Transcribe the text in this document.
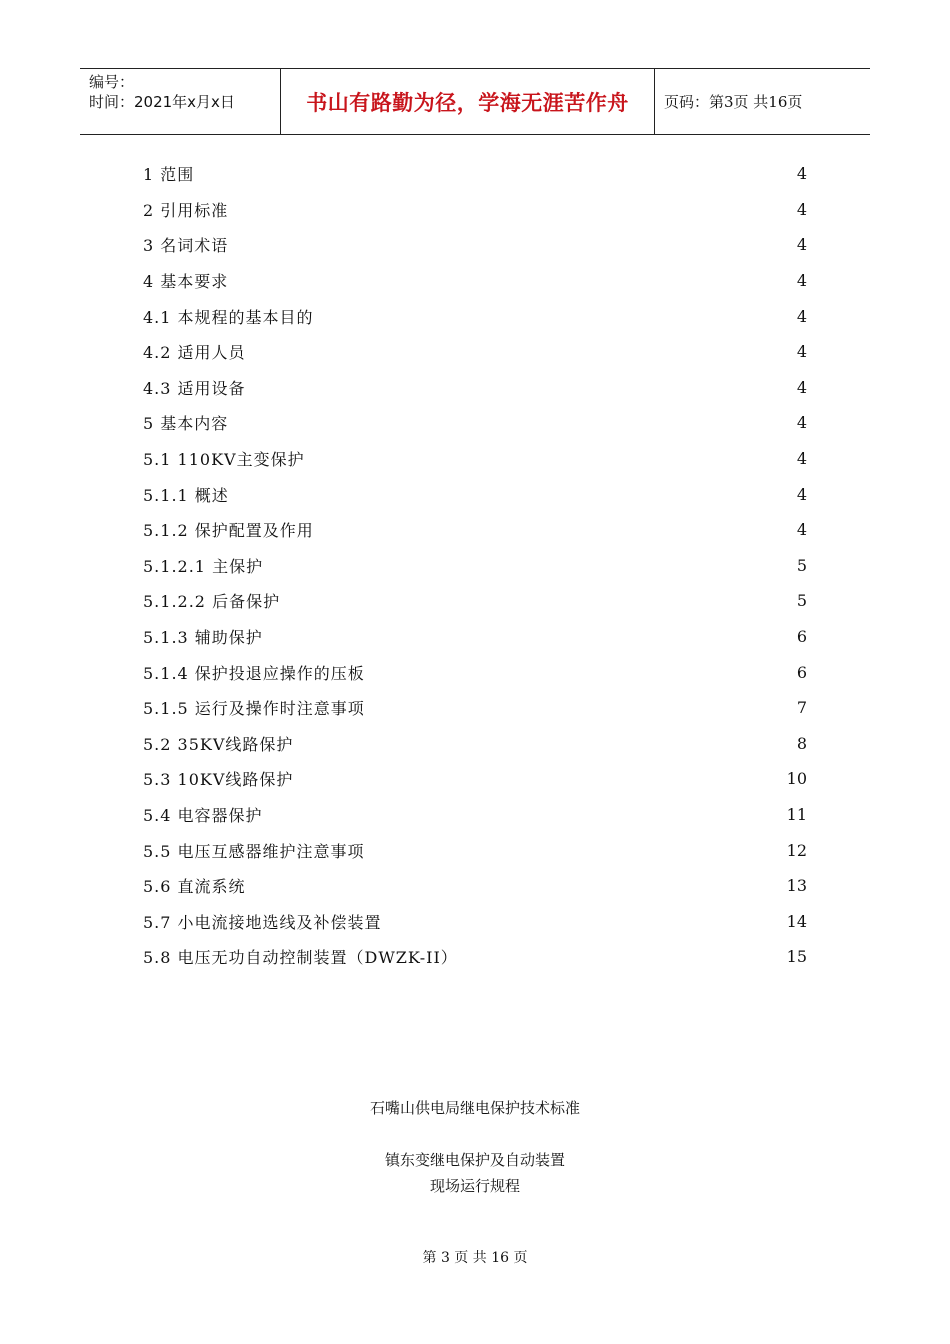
编号：
时间：2021年x月x日	书山有路勤为径，学海无涯苦作舟 页码：第3页 共16页
1 范围	4
2 引用标准	4
3 名词术语	4
4 基本要求	4
4.1 本规程的基本目的	4
4.2 适用人员	4
4.3 适用设备	4
5 基本内容	4
5.1 110KV主变保护	4
5.1.1 概述	4
5.1.2 保护配置及作用	4
5.1.2.1 主保护	5
5.1.2.2 后备保护	5
5.1.3 辅助保护	6
5.1.4 保护投退应操作的压板	6
5.1.5 运行及操作时注意事项	7
5.2 35KV线路保护	8
5.3 10KV线路保护	10
5.4 电容器保护	11
5.5 电压互感器维护注意事项	12
5.6 直流系统	13
5.7 小电流接地选线及补偿装置	14
5.8 电压无功自动控制装置（DWZK-II）	15
石嘴山供电局继电保护技术标准
镇东变继电保护及自动装置
现场运行规程
第 3 页 共 16 页
